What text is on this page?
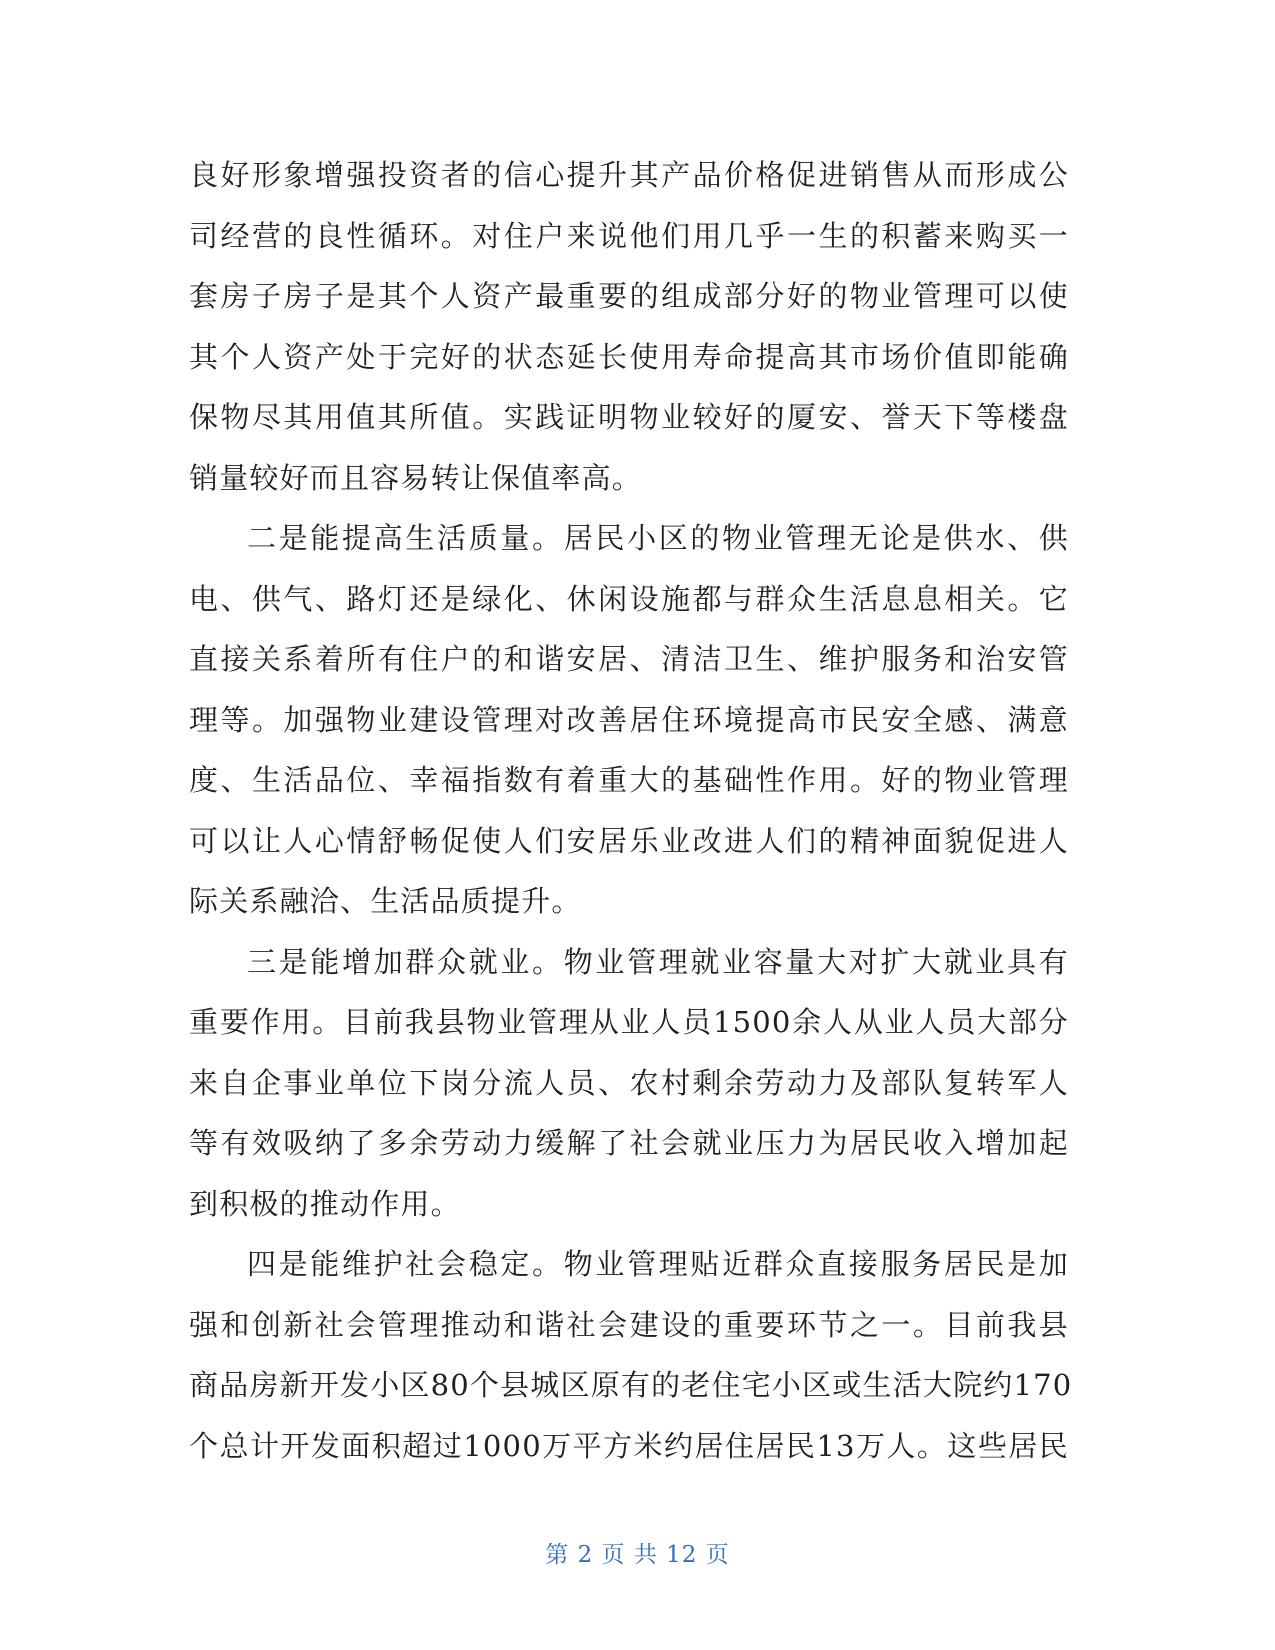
良好形象增强投资者的信心提升其产品价格促进销售从而形成公
司经营的良性循环。对住户来说他们用几乎一生的积蓄来购买一
套房子房子是其个人资产最重要的组成部分好的物业管理可以使
其个人资产处于完好的状态延长使用寿命提高其市场价值即能确
保物尽其用值其所值。实践证明物业较好的厦安、誉天下等楼盘
销量较好而且容易转让保值率高。
二是能提高生活质量。居民小区的物业管理无论是供水、供
电、供气、路灯还是绿化、休闲设施都与群众生活息息相关。它
直接关系着所有住户的和谐安居、清洁卫生、维护服务和治安管
理等。加强物业建设管理对改善居住环境提高市民安全感、满意
度、生活品位、幸福指数有着重大的基础性作用。好的物业管理
可以让人心情舒畅促使人们安居乐业改进人们的精神面貌促进人
际关系融洽、生活品质提升。
三是能增加群众就业。物业管理就业容量大对扩大就业具有
重要作用。目前我县物业管理从业人员1500余人从业人员大部分
来自企事业单位下岗分流人员、农村剩余劳动力及部队复转军人
等有效吸纳了多余劳动力缓解了社会就业压力为居民收入增加起
到积极的推动作用。
四是能维护社会稳定。物业管理贴近群众直接服务居民是加
强和创新社会管理推动和谐社会建设的重要环节之一。目前我县
商品房新开发小区80个县城区原有的老住宅小区或生活大院约170
个总计开发面积超过1000万平方米约居住居民13万人。这些居民
第 2 页 共 12 页
